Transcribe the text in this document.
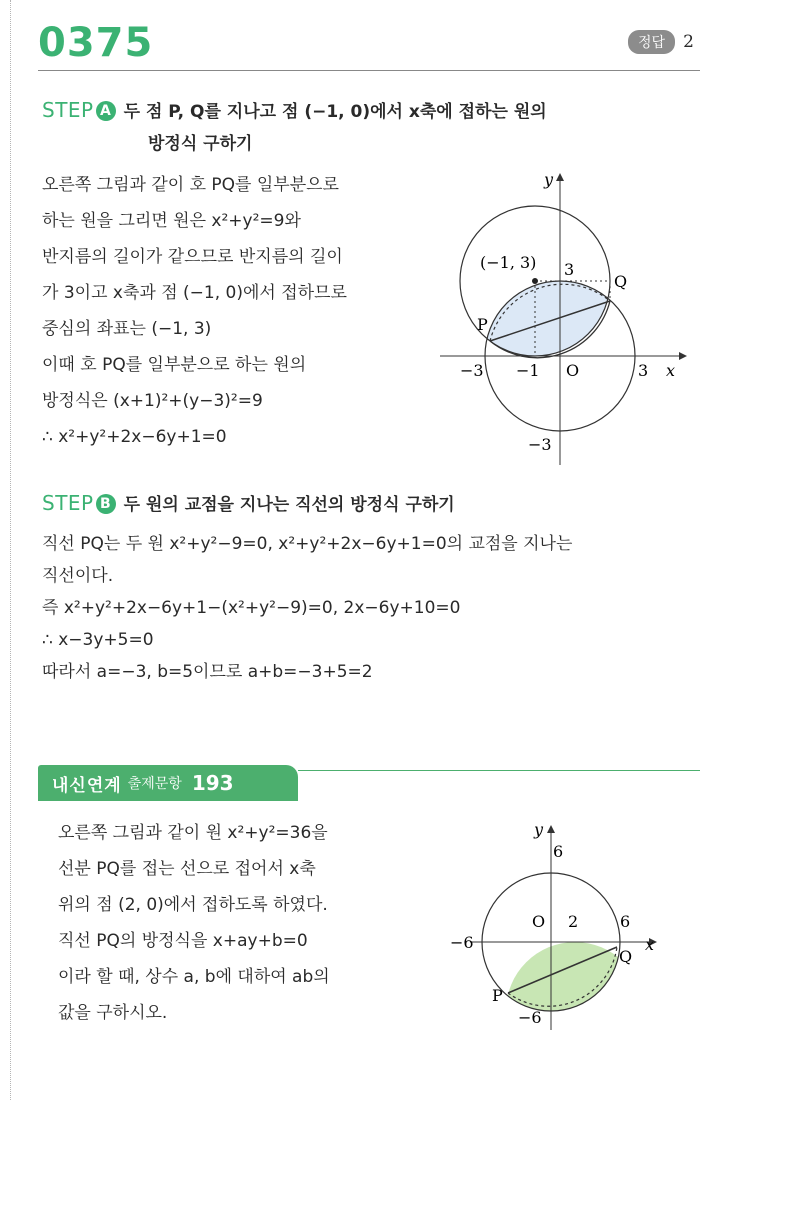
0375	정답	2
STEP A 두 점 P, Q를 지나고 점 (−1, 0)에서 x축에 접하는 원의
방정식 구하기
오른쪽 그림과 같이 호 PQ를 일부분으로
하는 원을 그리면 원은 x²+y²=9와
반지름의 길이가 같으므로 반지름의 길이
가 3이고 x축과 점 (−1, 0)에서 접하므로
중심의 좌표는 (−1, 3)
이때 호 PQ를 일부분으로 하는 원의
방정식은 (x+1)²+(y−3)²=9
∴ x²+y²+2x−6y+1=0
y
(−1, 3) 3
Q
P
−3 −1 O	3 x
−3
STEP B 두 원의 교점을 지나는 직선의 방정식 구하기
직선 PQ는 두 원 x²+y²−9=0, x²+y²+2x−6y+1=0의 교점을 지나는
직선이다.
즉 x²+y²+2x−6y+1−(x²+y²−9)=0, 2x−6y+10=0
∴ x−3y+5=0
따라서 a=−3, b=5이므로 a+b=−3+5=2
내신연계 출제문항 193
오른쪽 그림과 같이 원 x²+y²=36을
선분 PQ를 접는 선으로 접어서 x축
위의 점 (2, 0)에서 접하도록 하였다.
직선 PQ의 방정식을 x+ay+b=0
이라 할 때, 상수 a, b에 대하여 ab의
값을 구하시오.
y
6
O 2	6
−6	x
Q
P
−6
